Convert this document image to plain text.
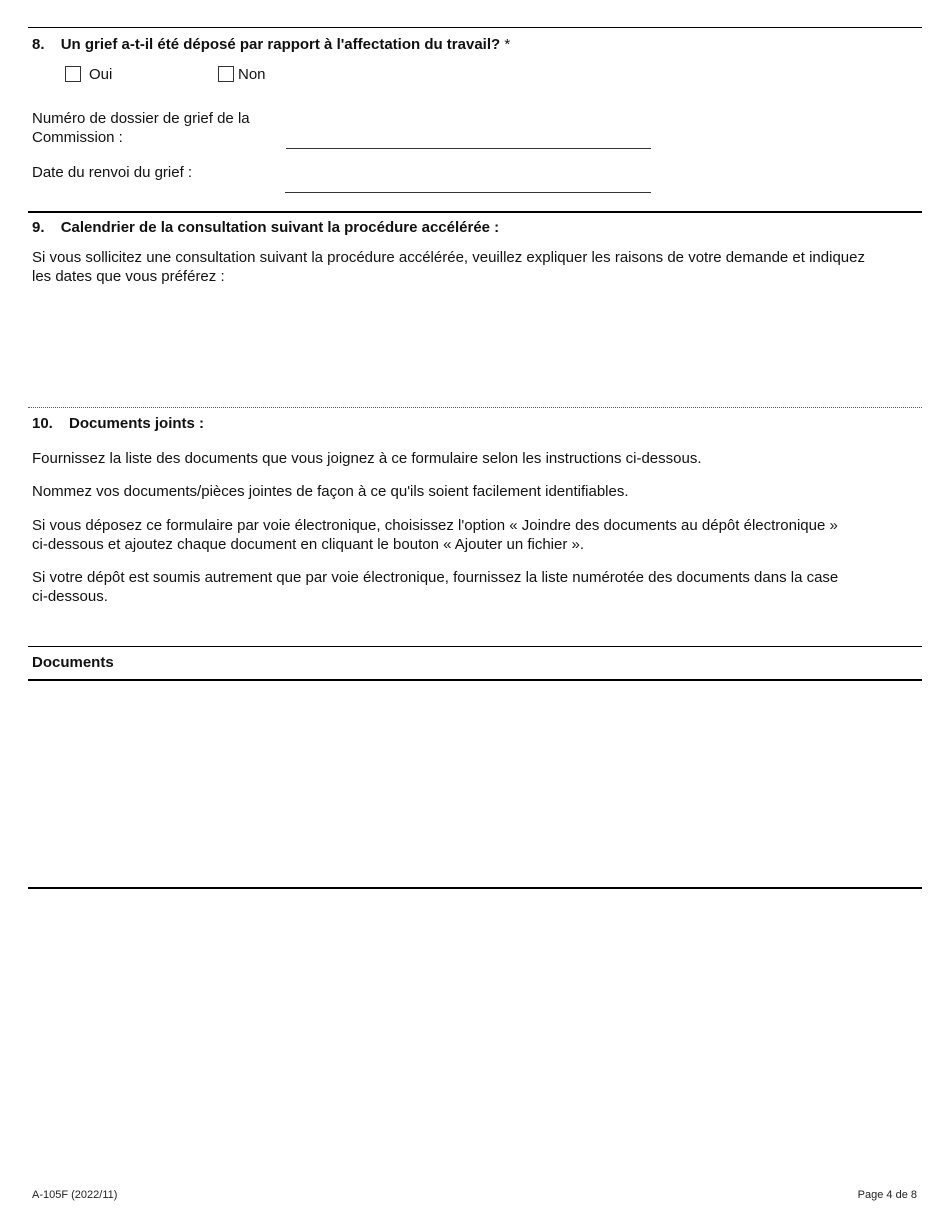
8. Un grief a-t-il été déposé par rapport à l'affectation du travail? *
Oui	Non
Numéro de dossier de grief de la
Commission :
Date du renvoi du grief :
9. Calendrier de la consultation suivant la procédure accélérée :
Si vous sollicitez une consultation suivant la procédure accélérée, veuillez expliquer les raisons de votre demande et indiquez
les dates que vous préférez :
10. Documents joints :
Fournissez la liste des documents que vous joignez à ce formulaire selon les instructions ci-dessous.
Nommez vos documents/pièces jointes de façon à ce qu'ils soient facilement identifiables.
Si vous déposez ce formulaire par voie électronique, choisissez l'option « Joindre des documents au dépôt électronique »
ci-dessous et ajoutez chaque document en cliquant le bouton « Ajouter un fichier ».
Si votre dépôt est soumis autrement que par voie électronique, fournissez la liste numérotée des documents dans la case
ci-dessous.
Documents
A-105F (2022/11)	Page 4 de 8
